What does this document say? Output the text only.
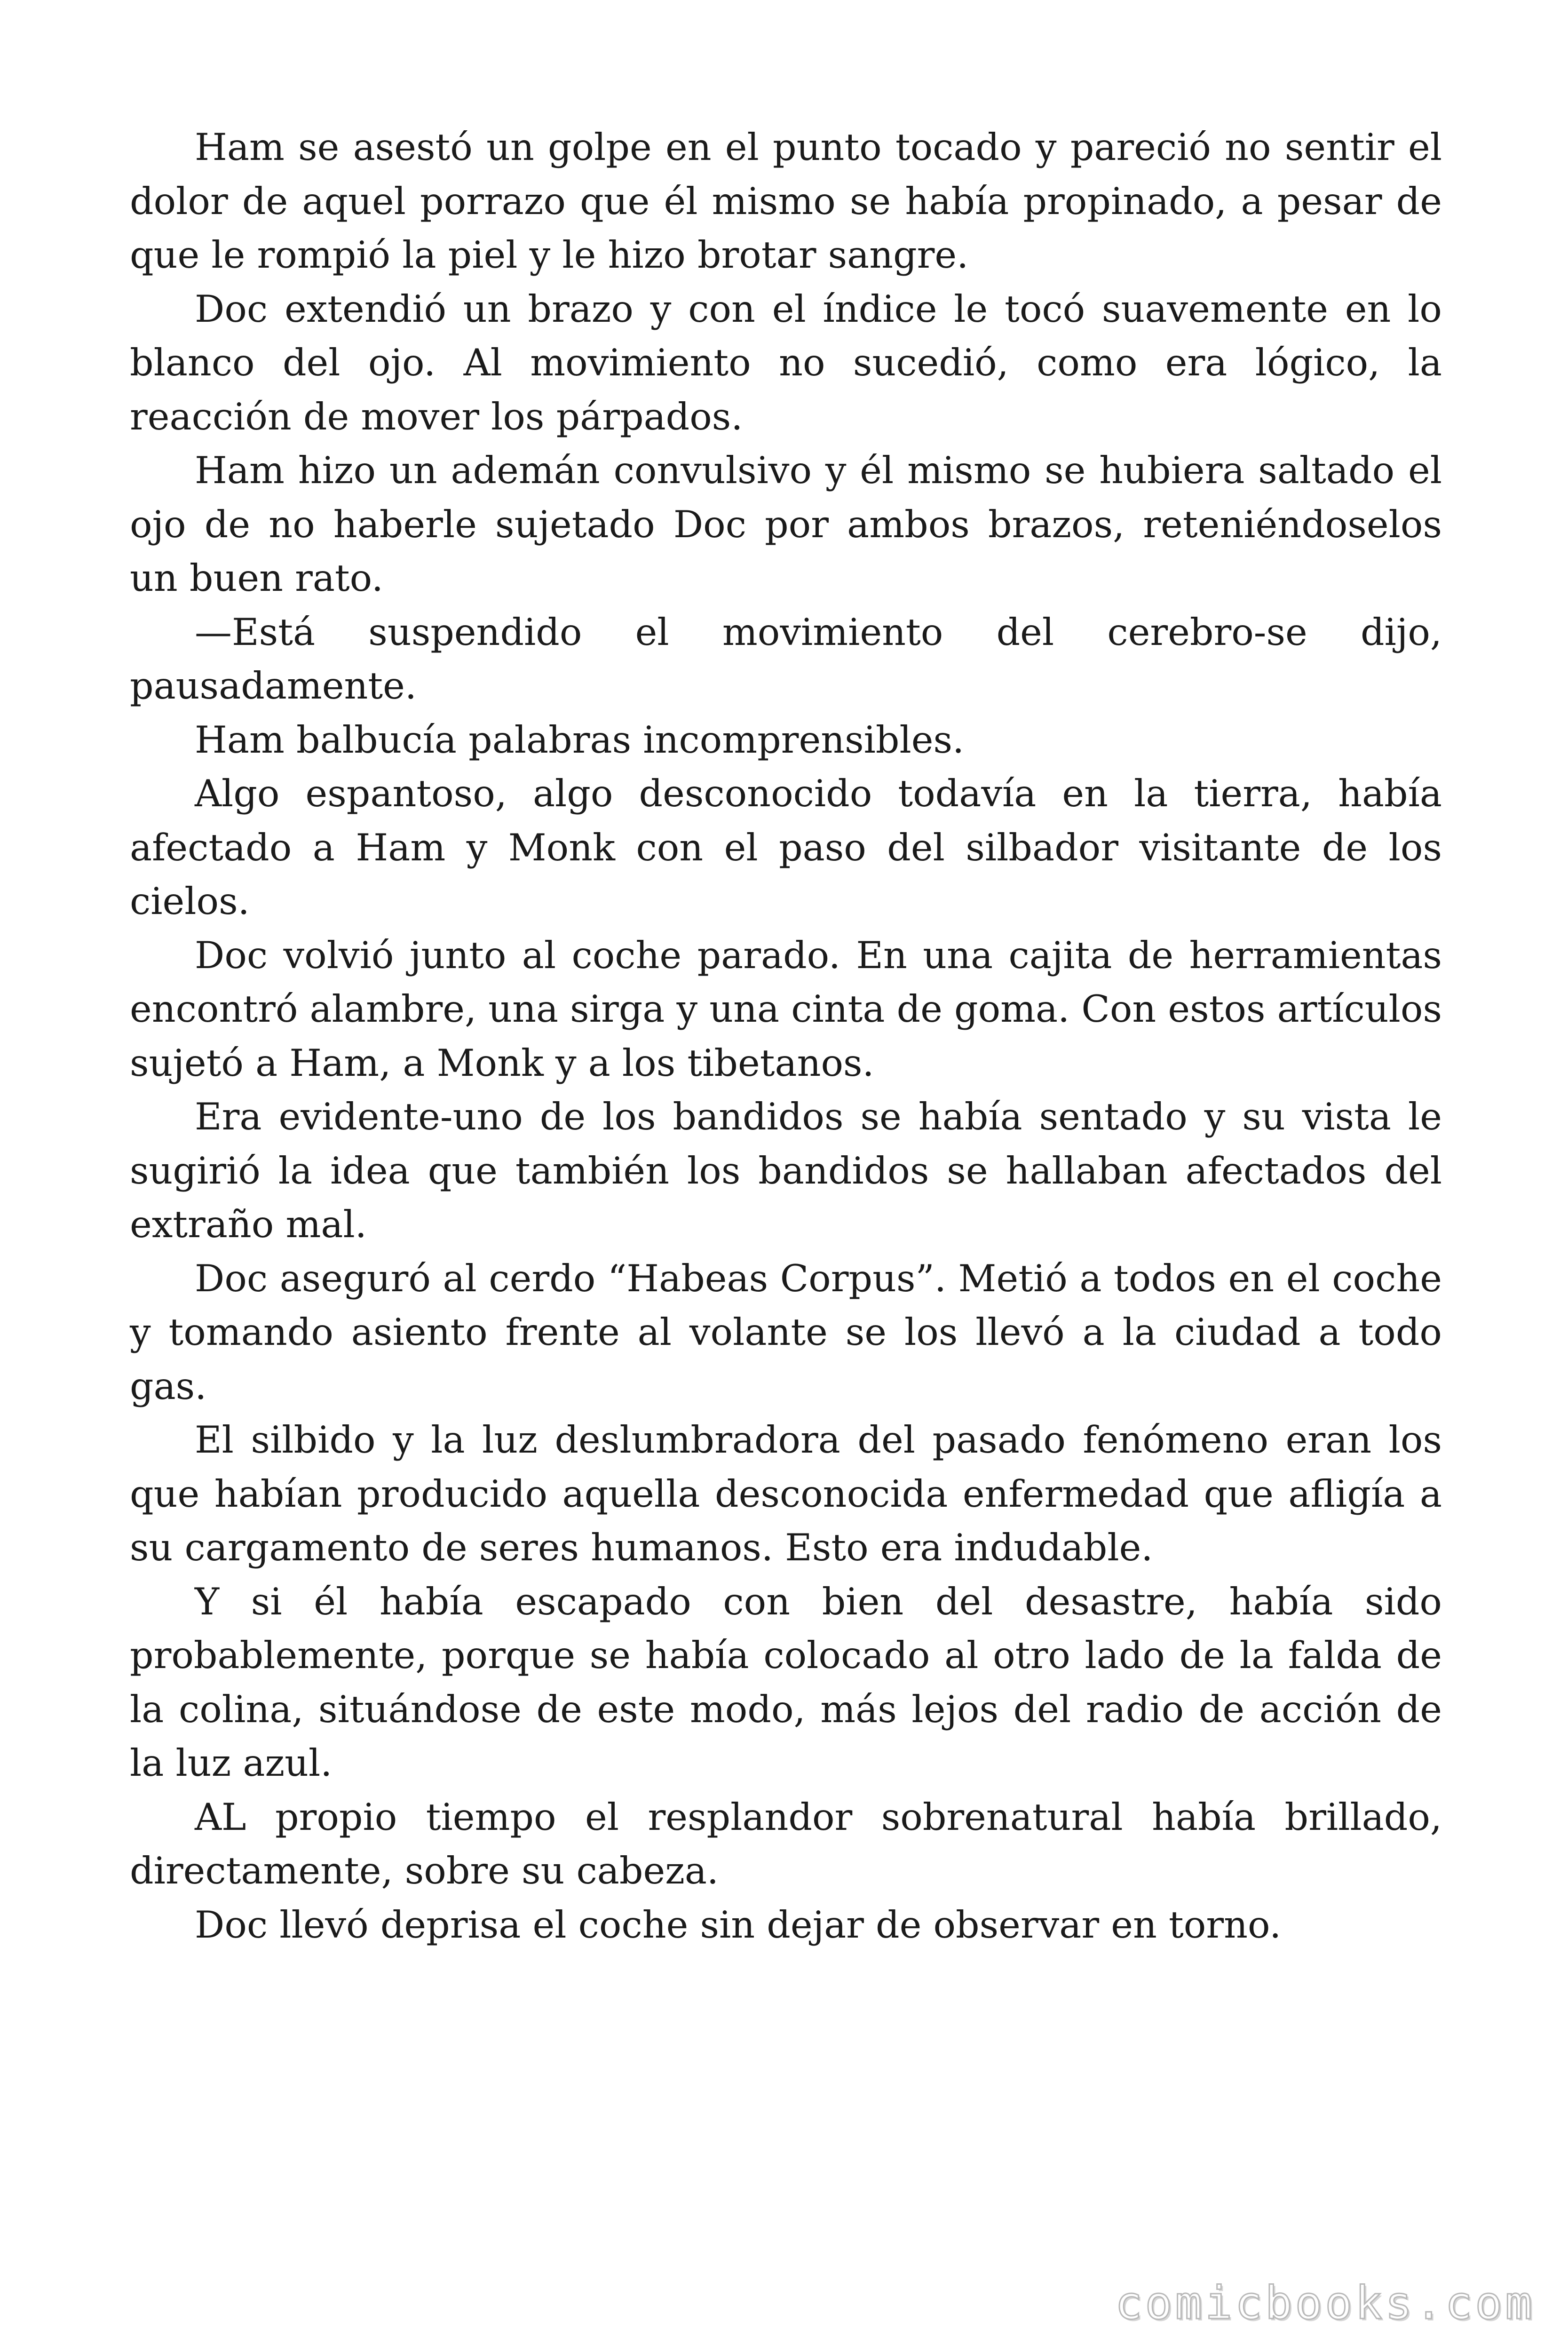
Ham se asestó un golpe en el punto tocado y pareció no sentir el dolor de aquel porrazo que él mismo se había propinado, a pesar de que le rompió la piel y le hizo brotar sangre.

Doc extendió un brazo y con el índice le tocó suavemente en lo blanco del ojo. Al movimiento no sucedió, como era lógico, la reacción de mover los párpados.

Ham hizo un ademán convulsivo y él mismo se hubiera saltado el ojo de no haberle sujetado Doc por ambos brazos, reteniéndoselos un buen rato.

—Está suspendido el movimiento del cerebro-se dijo, pausadamente.

Ham balbucía palabras incomprensibles.

Algo espantoso, algo desconocido todavía en la tierra, había afectado a Ham y Monk con el paso del silbador visitante de los cielos.

Doc volvió junto al coche parado. En una cajita de herramientas encontró alambre, una sirga y una cinta de goma. Con estos artículos sujetó a Ham, a Monk y a los tibetanos.

Era evidente-uno de los bandidos se había sentado y su vista le sugirió la idea que también los bandidos se hallaban afectados del extraño mal.

Doc aseguró al cerdo “Habeas Corpus”. Metió a todos en el coche y tomando asiento frente al volante se los llevó a la ciudad a todo gas.

El silbido y la luz deslumbradora del pasado fenómeno eran los que habían producido aquella desconocida enfermedad que afligía a su cargamento de seres humanos. Esto era indudable.

Y si él había escapado con bien del desastre, había sido probablemente, porque se había colocado al otro lado de la falda de la colina, situándose de este modo, más lejos del radio de acción de la luz azul.

AL propio tiempo el resplandor sobrenatural había brillado, directamente, sobre su cabeza.

Doc llevó deprisa el coche sin dejar de observar en torno.

comicbooks.com
